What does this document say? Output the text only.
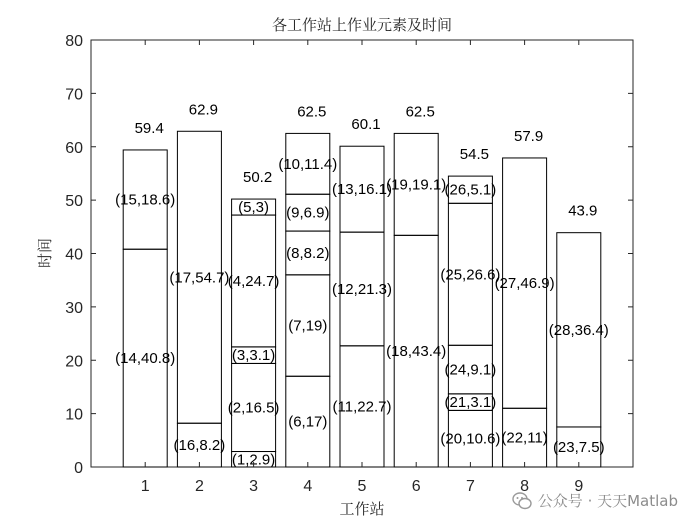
各工作站上作业元素及时间
(14,40.8)
(15,18.6)
59.4
(16,8.2)
(17,54.7)
62.9
(1,2.9)
(2,16.5)
(3,3.1)
(4,24.7)
(5,3)
50.2
(6,17)
(7,19)
(8,8.2)
(9,6.9)
(10,11.4)
62.5
(11,22.7)
(12,21.3)
(13,16.1)
60.1
(18,43.4)
(19,19.1)
62.5
(20,10.6)
(21,3.1)
(24,9.1)
(25,26.6)
(26,5.1)
54.5
(22,11)
(27,46.9)
57.9
(23,7.5)
(28,36.4)
43.9
1	2	3	4	5	6	7	8	9
0
10
20
30
40
50
60
70
80
工作站
时间
公众号 · 天天Matlab
